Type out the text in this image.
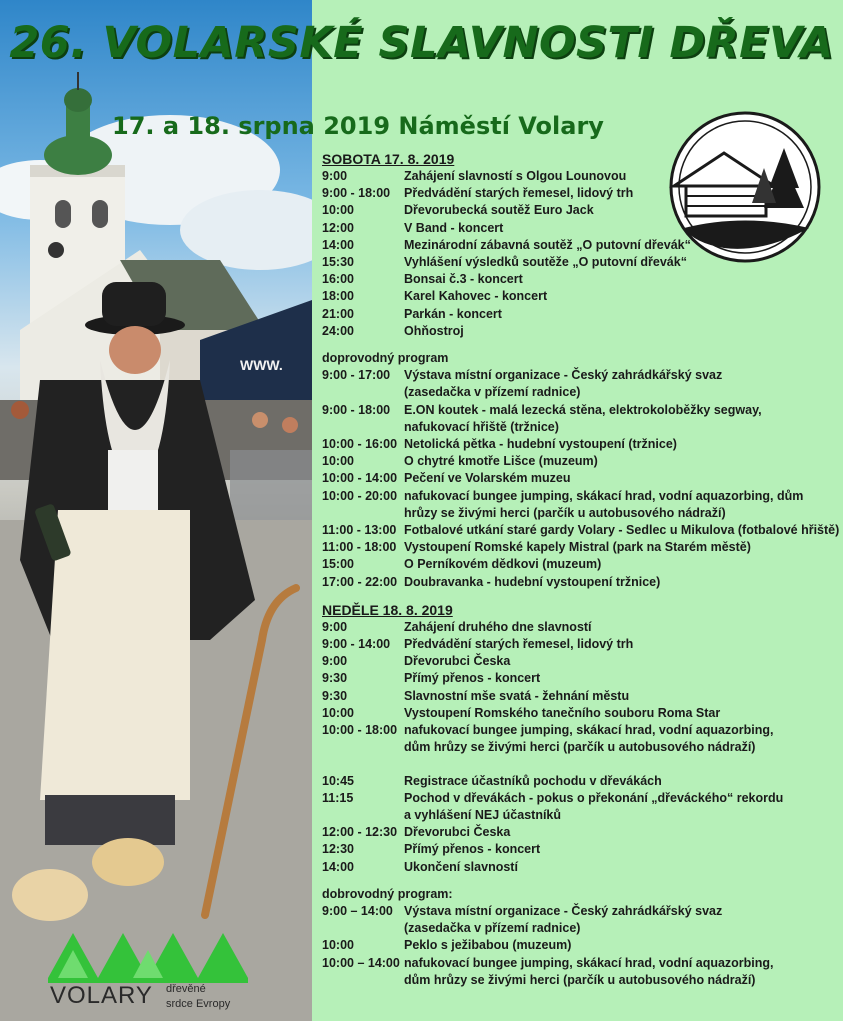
WWW.
26. VOLARSKÉ SLAVNOSTI DŘEVA
17. a 18. srpna 2019 Náměstí Volary
SOBOTA 17. 8. 2019
9:00	Zahájení slavností s Olgou Lounovou
9:00 - 18:00	Předvádění starých řemesel, lidový trh
10:00	Dřevorubecká soutěž Euro Jack
12:00	V Band - koncert
14:00	Mezinárodní zábavná soutěž „O putovní dřevák“
15:30	Vyhlášení výsledků soutěže „O putovní dřevák“
16:00	Bonsai č.3 - koncert
18:00	Karel Kahovec - koncert
21:00	Parkán - koncert
24:00	Ohňostroj
doprovodný program
9:00 - 17:00	Výstava místní organizace - Český zahrádkářský svaz
(zasedačka v přízemí radnice)
9:00 - 18:00	E.ON koutek - malá lezecká stěna, elektrokoloběžky segway,
nafukovací hřiště (tržnice)
10:00 - 16:00 Netolická pětka - hudební vystoupení (tržnice)
10:00	O chytré kmotře Lišce (muzeum)
10:00 - 14:00 Pečení ve Volarském muzeu
10:00 - 20:00 nafukovací bungee jumping, skákací hrad, vodní aquazorbing, dům
hrůzy se živými herci (parčík u autobusového nádraží)
11:00 - 13:00 Fotbalové utkání staré gardy Volary - Sedlec u Mikulova (fotbalové hřiště)
11:00 - 18:00 Vystoupení Romské kapely Mistral (park na Starém městě)
15:00	O Perníkovém dědkovi (muzeum)
17:00 - 22:00 Doubravanka - hudební vystoupení tržnice)
NEDĚLE 18. 8. 2019
9:00	Zahájení druhého dne slavností
9:00 - 14:00	Předvádění starých řemesel, lidový trh
9:00	Dřevorubci Česka
9:30	Přímý přenos - koncert
9:30	Slavnostní mše svatá - žehnání městu
10:00	Vystoupení Romského tanečního souboru Roma Star
10:00 - 18:00 nafukovací bungee jumping, skákací hrad, vodní aquazorbing,
dům hrůzy se živými herci (parčík u autobusového nádraží)
10:45	Registrace účastníků pochodu v dřevákách
11:15	Pochod v dřevákách - pokus o překonání „dřeváckého“ rekordu
a vyhlášení NEJ účastníků
12:00 - 12:30 Dřevorubci Česka
12:30	Přímý přenos - koncert
14:00	Ukončení slavností
dobrovodný program:
9:00 – 14:00 Výstava místní organizace - Český zahrádkářský svaz
(zasedačka v přízemí radnice)
10:00	Peklo s ježibabou (muzeum)
10:00 – 14:00 nafukovací bungee jumping, skákací hrad, vodní aquazorbing,
dům hrůzy se živými herci (parčík u autobusového nádraží)
VOLARY dřevěné
srdce Evropy
